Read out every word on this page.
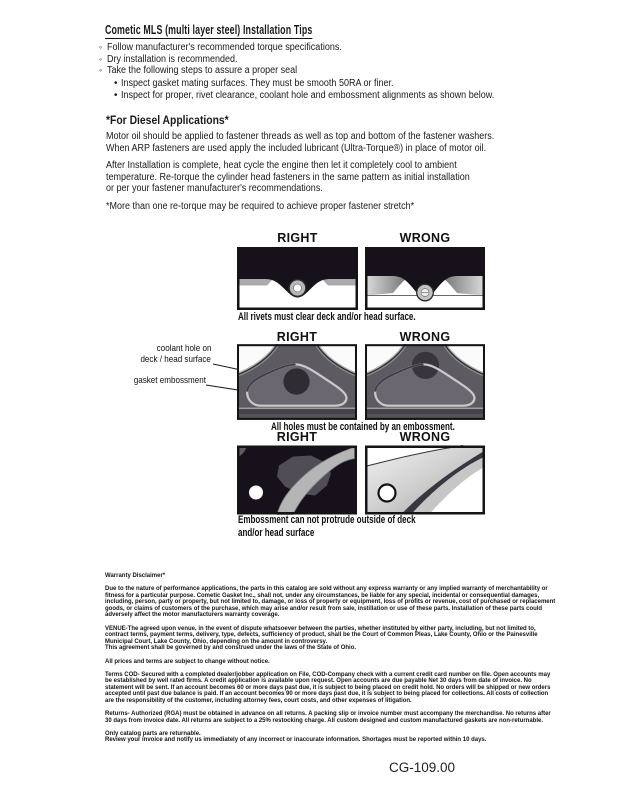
Cometic MLS (multi layer steel) Installation Tips
◦ Follow manufacturer's recommended torque specifications.
◦ Dry installation is recommended.
◦ Take the following steps to assure a proper seal
• Inspect gasket mating surfaces. They must be smooth 50RA or finer.
• Inspect for proper, rivet clearance, coolant hole and embossment alignments as shown below.
*For Diesel Applications*
Motor oil should be applied to fastener threads as well as top and bottom of the fastener washers.
When ARP fasteners are used apply the included lubricant (Ultra-Torque®) in place of motor oil.
After Installation is complete, heat cycle the engine then let it completely cool to ambient
temperature. Re-torque the cylinder head fasteners in the same pattern as initial installation
or per your fastener manufacturer's recommendations.
*More than one re-torque may be required to achieve proper fastener stretch*
RIGHT	WRONG
All rivets must clear deck and/or head surface.
RIGHT	WRONG
coolant hole on
deck / head surface
gasket embossment
All holes must be contained by an embossment.
RIGHT	WRONG
Embossment can not protrude outside of deck
and/or head surface
Warranty Disclaimer*
Due to the nature of performance applications, the parts in this catalog are sold without any express warranty or any implied warranty of merchantability or
fitness for a particular purpose. Cometic Gasket Inc., shall not, under any circumstances, be liable for any special, incidental or consequential damages,
including, person, party or property, but not limited to, damage, or loss of property or equipment, loss of profits or revenue, cost of purchased or replacement
goods, or claims of customers of the purchase, which may arise and/or result from sale, instillation or use of these parts. Installation of these parts could
adversely affect the motor manufacturers warranty coverage.
VENUE-The agreed upon venue, in the event of dispute whatsoever between the parties, whether instituted by either party, including, but not limited to,
contract terms, payment terms, delivery, type, defects, sufficiency of product, shall be the Court of Common Pleas, Lake County, Ohio or the Painesville
Municipal Court, Lake County, Ohio, depending on the amount in controversy.
This agreement shall be governed by and construed under the laws of the State of Ohio.
All prices and terms are subject to change without notice.
Terms COD- Secured with a completed dealer/jobber application on File, COD-Company check with a current credit card number on file. Open accounts may
be established by well rated firms. A credit application is available upon request. Open accounts are due payable Net 30 days from date of invoice. No
statement will be sent. If an account becomes 60 or more days past due, it is subject to being placed on credit hold. No orders will be shipped or new orders
accepted until past due balance is paid. If an account becomes 90 or more days past due, it is subject to being placed for collections. All costs of collection
are the responsibility of the customer, including attorney fees, court costs, and other expenses of litigation.
Returns- Authorized (RGA) must be obtained in advance on all returns. A packing slip or invoice number must accompany the merchandise. No returns after
30 days from invoice date. All returns are subject to a 25% restocking charge. All custom designed and custom manufactured gaskets are non-returnable.
Only catalog parts are returnable.
Review your invoice and notify us immediately of any incorrect or inaccurate information. Shortages must be reported within 10 days.
CG-109.00
